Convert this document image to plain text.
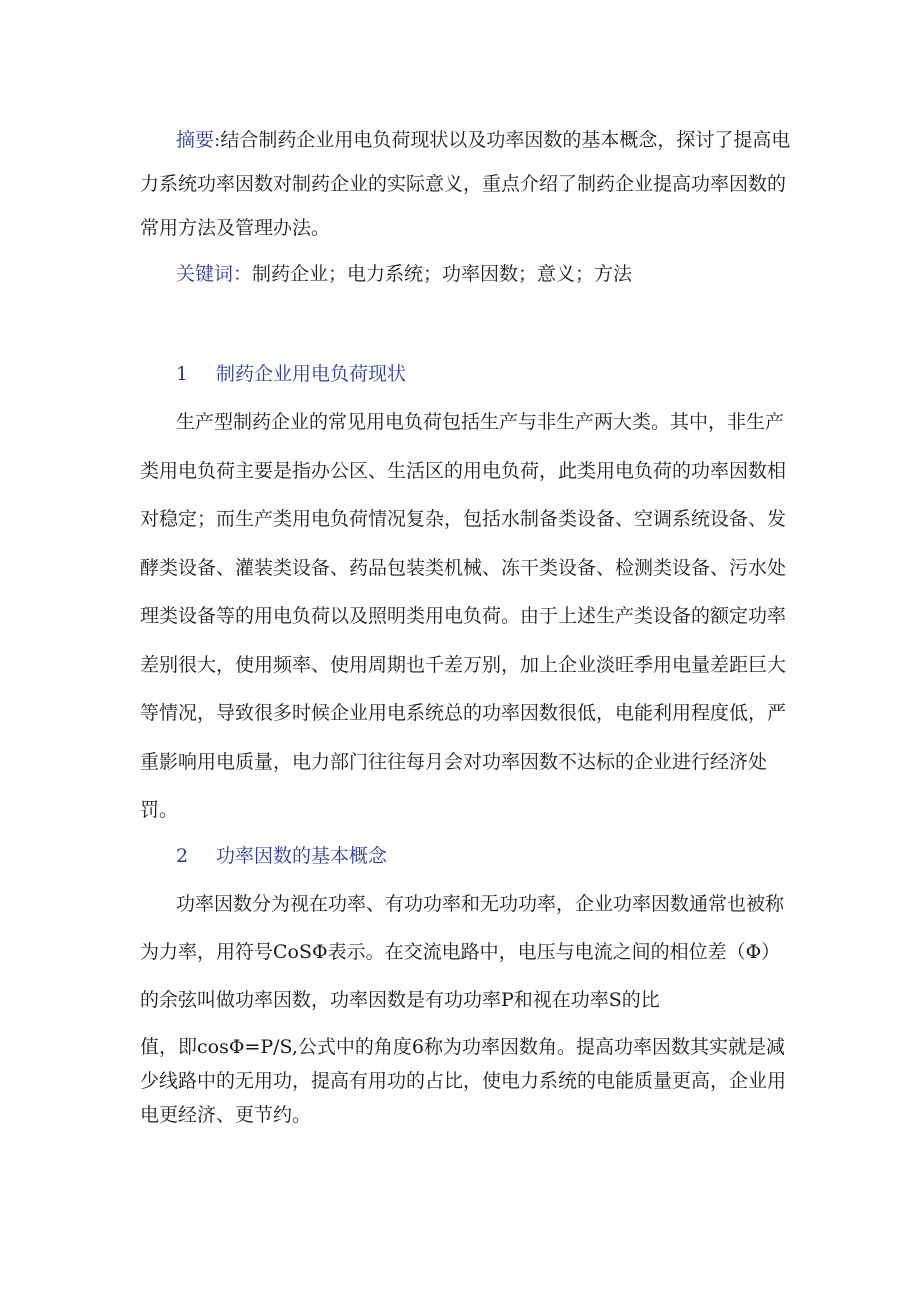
摘要:结合制药企业用电负荷现状以及功率因数的基本概念，探讨了提高电力系统功率因数对制药企业的实际意义，重点介绍了制药企业提高功率因数的常用方法及管理办法。

关键词：制药企业；电力系统；功率因数；意义；方法

1 制药企业用电负荷现状

生产型制药企业的常见用电负荷包括生产与非生产两大类。其中，非生产类用电负荷主要是指办公区、生活区的用电负荷，此类用电负荷的功率因数相对稳定；而生产类用电负荷情况复杂，包括水制备类设备、空调系统设备、发酵类设备、灌装类设备、药品包装类机械、冻干类设备、检测类设备、污水处理类设备等的用电负荷以及照明类用电负荷。由于上述生产类设备的额定功率差别很大，使用频率、使用周期也千差万别，加上企业淡旺季用电量差距巨大等情况，导致很多时候企业用电系统总的功率因数很低，电能利用程度低，严重影响用电质量，电力部门往往每月会对功率因数不达标的企业进行经济处罚。

2 功率因数的基本概念

功率因数分为视在功率、有功功率和无功功率，企业功率因数通常也被称为力率，用符号CoSΦ表示。在交流电路中，电压与电流之间的相位差（Φ）的余弦叫做功率因数，功率因数是有功功率P和视在功率S的比

值，即cosΦ=P/S,公式中的角度6称为功率因数角。提高功率因数其实就是减少线路中的无用功，提高有用功的占比，使电力系统的电能质量更高，企业用电更经济、更节约。
